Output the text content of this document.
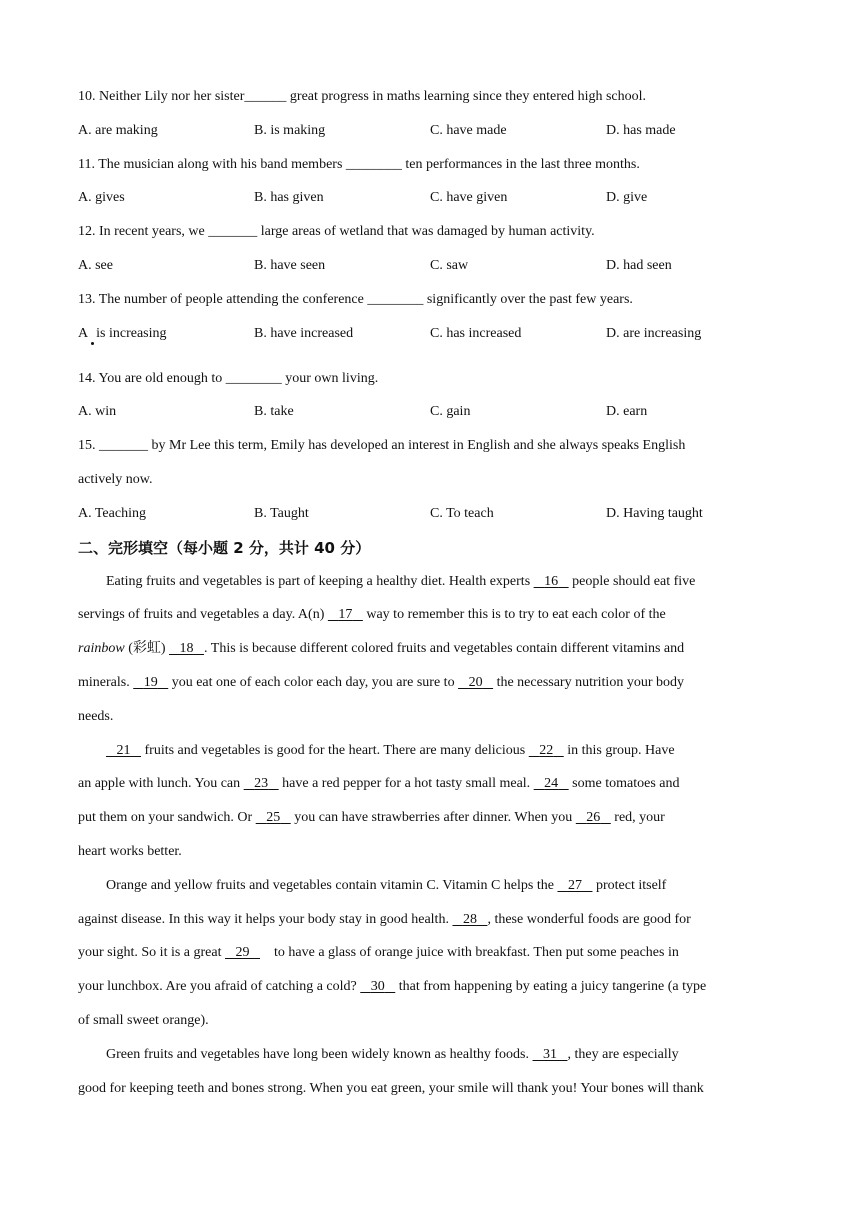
10. Neither Lily nor her sister______ great progress in maths learning since they entered high school.
A. are making	B. is making	C. have made	D. has made
11. The musician along with his band members ________ ten performances in the last three months.
A. gives	B. has given	C. have given	D. give
12. In recent years, we _______ large areas of wetland that was damaged by human activity.
A. see	B. have seen	C. saw	D. had seen
13. The number of people attending the conference ________ significantly over the past few years.
A is increasing	B. have increased	C. has increased	D. are increasing
14. You are old enough to ________ your own living.
A. win	B. take	C. gain	D. earn
15. _______ by Mr Lee this term, Emily has developed an interest in English and she always speaks English
actively now.
A. Teaching	B. Taught	C. To teach	D. Having taught
二、完形填空（每小题 2 分，共计 40 分）
Eating fruits and vegetables is part of keeping a healthy diet. Health experts 16 people should eat five
servings of fruits and vegetables a day. A(n) 17 way to remember this is to try to eat each color of the
rainbow (彩虹) 18 . This is because different colored fruits and vegetables contain different vitamins and
minerals. 19 you eat one of each color each day, you are sure to 20 the necessary nutrition your body
needs.
21 fruits and vegetables is good for the heart. There are many delicious 22 in this group. Have
an apple with lunch. You can 23 have a red pepper for a hot tasty small meal. 24 some tomatoes and
put them on your sandwich. Or 25 you can have strawberries after dinner. When you 26 red, your
heart works better.
Orange and yellow fruits and vegetables contain vitamin C. Vitamin C helps the 27 protect itself
against disease. In this way it helps your body stay in good health. 28 , these wonderful foods are good for
your sight. So it is a great 29    to have a glass of orange juice with breakfast. Then put some peaches in
your lunchbox. Are you afraid of catching a cold? 30 that from happening by eating a juicy tangerine (a type
of small sweet orange).
Green fruits and vegetables have long been widely known as healthy foods. 31 , they are especially
good for keeping teeth and bones strong. When you eat green, your smile will thank you! Your bones will thank
